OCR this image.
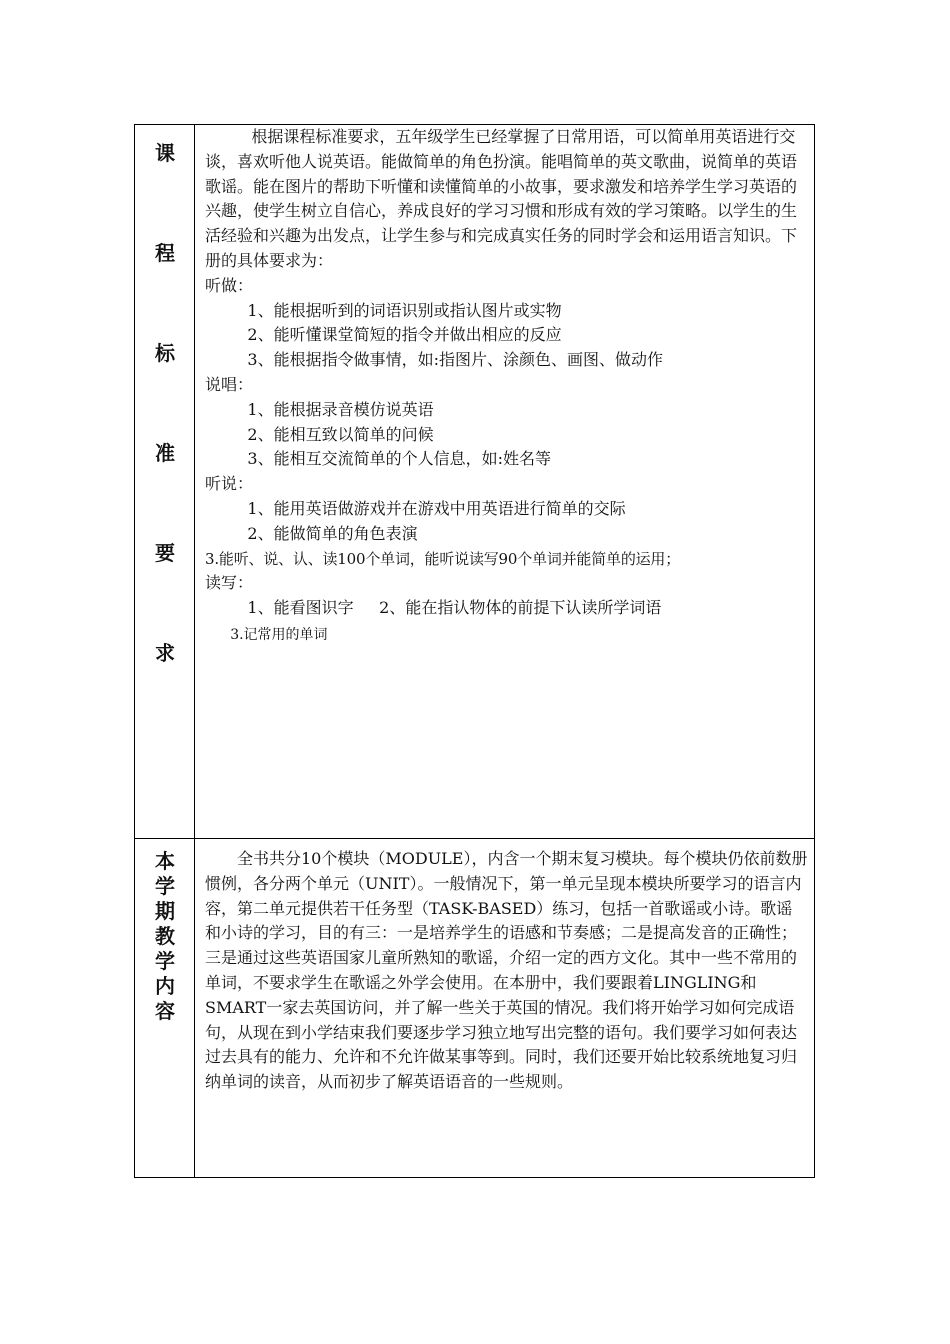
课
程
标
准
要
求

根据课程标准要求，五年级学生已经掌握了日常用语，可以简单用英语进行交谈，喜欢听他人说英语。能做简单的角色扮演。能唱简单的英文歌曲，说简单的英语歌谣。能在图片的帮助下听懂和读懂简单的小故事，要求激发和培养学生学习英语的兴趣，使学生树立自信心，养成良好的学习习惯和形成有效的学习策略。以学生的生活经验和兴趣为出发点，让学生参与和完成真实任务的同时学会和运用语言知识。下册的具体要求为：

听做：

1、能根据听到的词语识别或指认图片或实物

2、能听懂课堂简短的指令并做出相应的反应

3、能根据指令做事情，如:指图片、涂颜色、画图、做动作

说唱：

1、能根据录音模仿说英语

2、能相互致以简单的问候

3、能相互交流简单的个人信息，如:姓名等

听说：

1、能用英语做游戏并在游戏中用英语进行简单的交际

2、能做简单的角色表演

3.能听、说、认、读100个单词，能听说读写90个单词并能简单的运用；

读写：

1、能看图识字 2、能在指认物体的前提下认读所学词语

3.记常用的单词

本
学
期
教
学
内
容

全书共分10个模块（MODULE），内含一个期末复习模块。每个模块仍依前数册惯例，各分两个单元（UNIT）。一般情况下，第一单元呈现本模块所要学习的语言内容，第二单元提供若干任务型（TASK-BASED）练习，包括一首歌谣或小诗。歌谣和小诗的学习，目的有三：一是培养学生的语感和节奏感；二是提高发音的正确性；三是通过这些英语国家儿童所熟知的歌谣，介绍一定的西方文化。其中一些不常用的单词，不要求学生在歌谣之外学会使用。在本册中，我们要跟着LINGLING和SMART一家去英国访问，并了解一些关于英国的情况。我们将开始学习如何完成语句，从现在到小学结束我们要逐步学习独立地写出完整的语句。我们要学习如何表达过去具有的能力、允许和不允许做某事等到。同时，我们还要开始比较系统地复习归纳单词的读音，从而初步了解英语语音的一些规则。
